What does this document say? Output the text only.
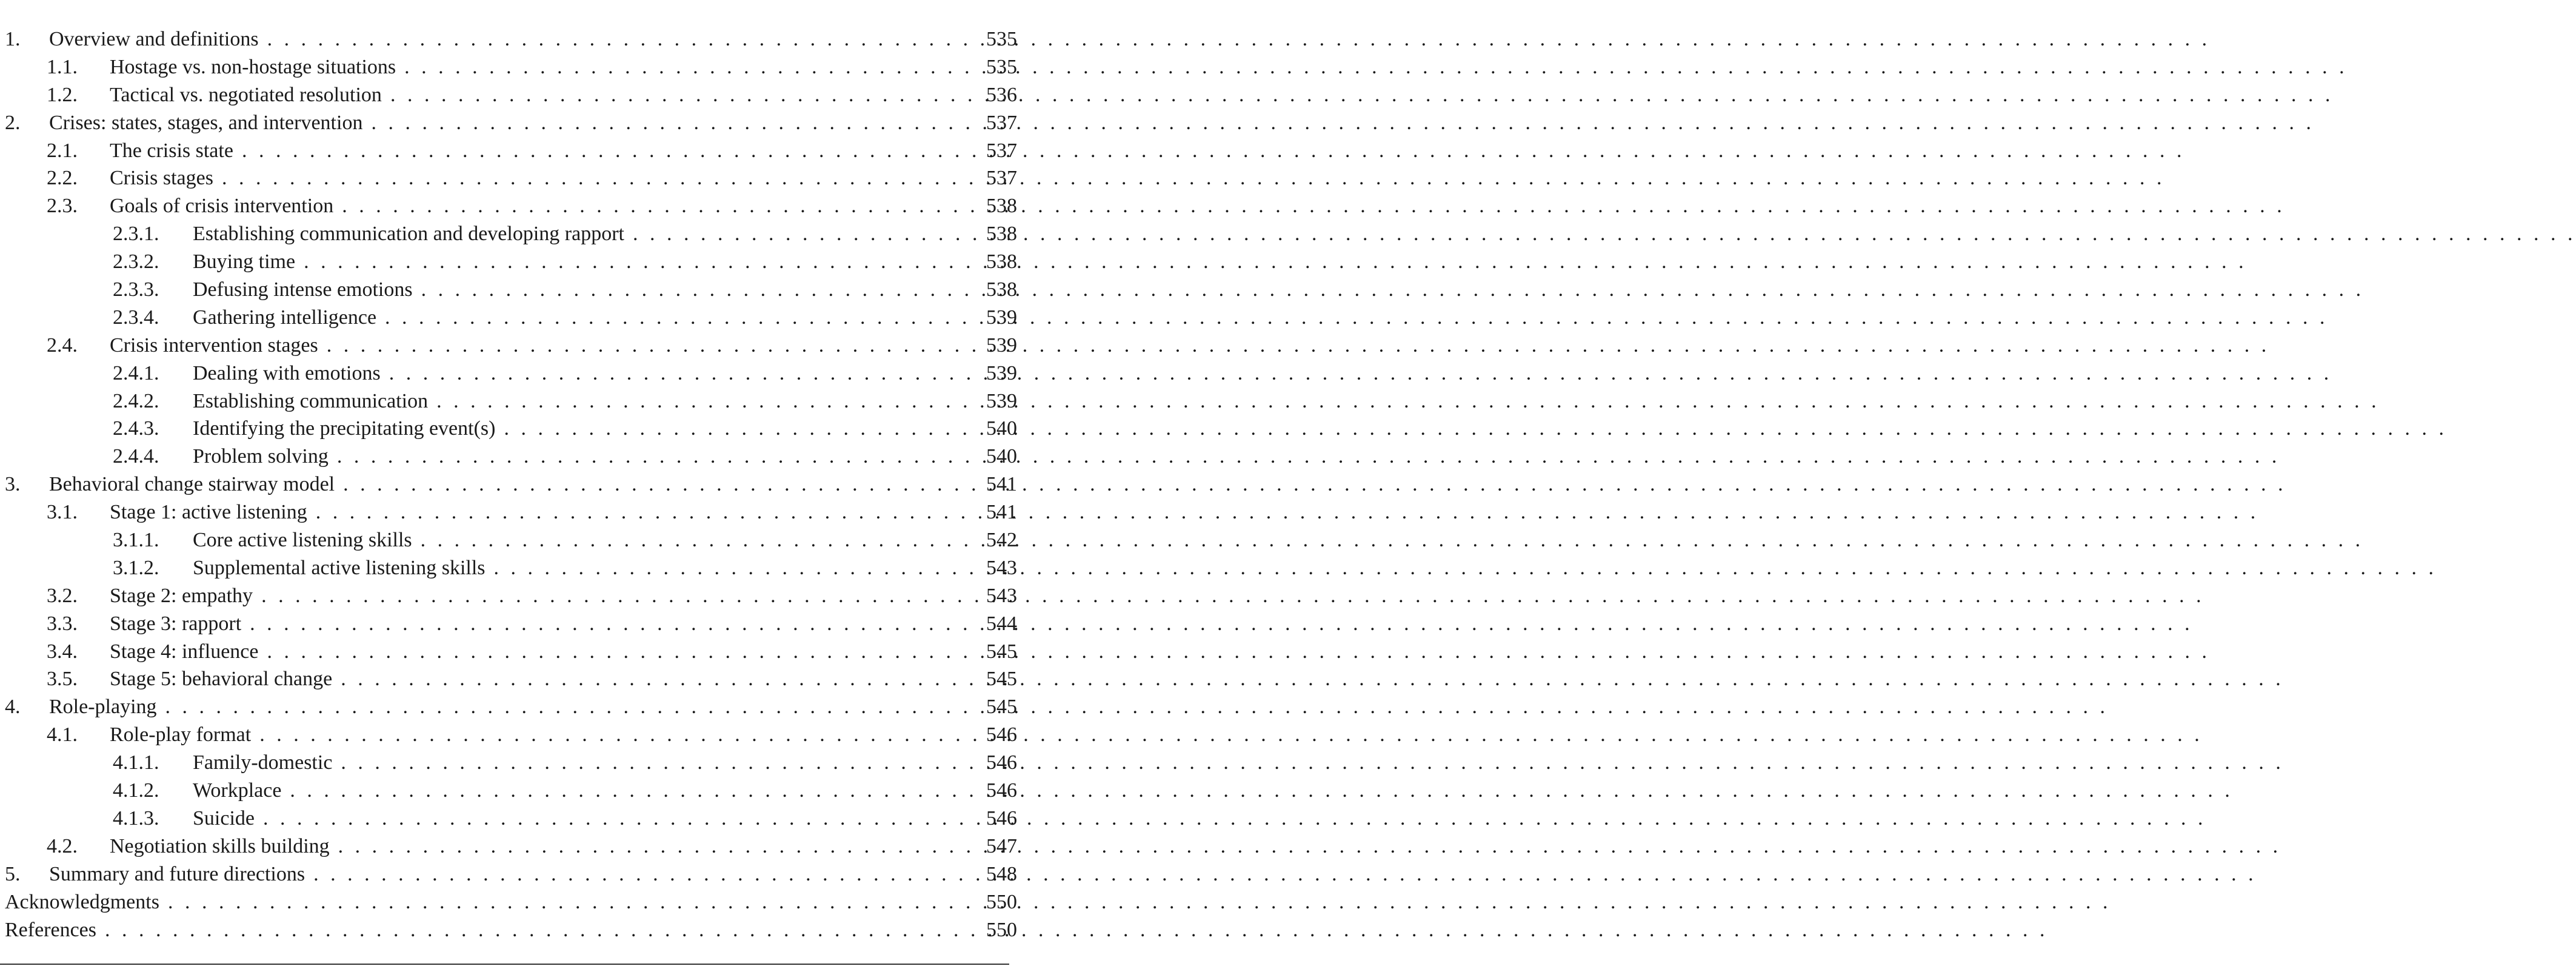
1. Overview and definitions . . .	535
1.1. Hostage vs. non-hostage situations . . .	535
1.2. Tactical vs. negotiated resolution . . .	536
2. Crises: states, stages, and intervention . . .	537
2.1. The crisis state . . .	537
2.2. Crisis stages . . .	537
2.3. Goals of crisis intervention . . .	538
2.3.1. Establishing communication and developing rapport . . .	538
2.3.2. Buying time . . .	538
2.3.3. Defusing intense emotions . . .	538
2.3.4. Gathering intelligence . . .	539
2.4. Crisis intervention stages . . .	539
2.4.1. Dealing with emotions . . .	539
2.4.2. Establishing communication . . .	539
2.4.3. Identifying the precipitating event(s) . . .	540
2.4.4. Problem solving . . .	540
3. Behavioral change stairway model . . .	541
3.1. Stage 1: active listening . . .	541
3.1.1. Core active listening skills . . .	542
3.1.2. Supplemental active listening skills . . .	543
3.2. Stage 2: empathy . . .	543
3.3. Stage 3: rapport . . .	544
3.4. Stage 4: influence . . .	545
3.5. Stage 5: behavioral change . . .	545
4. Role-playing . . .	545
4.1. Role-play format . . .	546
4.1.1. Family-domestic . . .	546
4.1.2. Workplace . . .	546
4.1.3. Suicide . . .	546
4.2. Negotiation skills building . . .	547
5. Summary and future directions . . .	548
Acknowledgments . . .	550
References . . .	550
